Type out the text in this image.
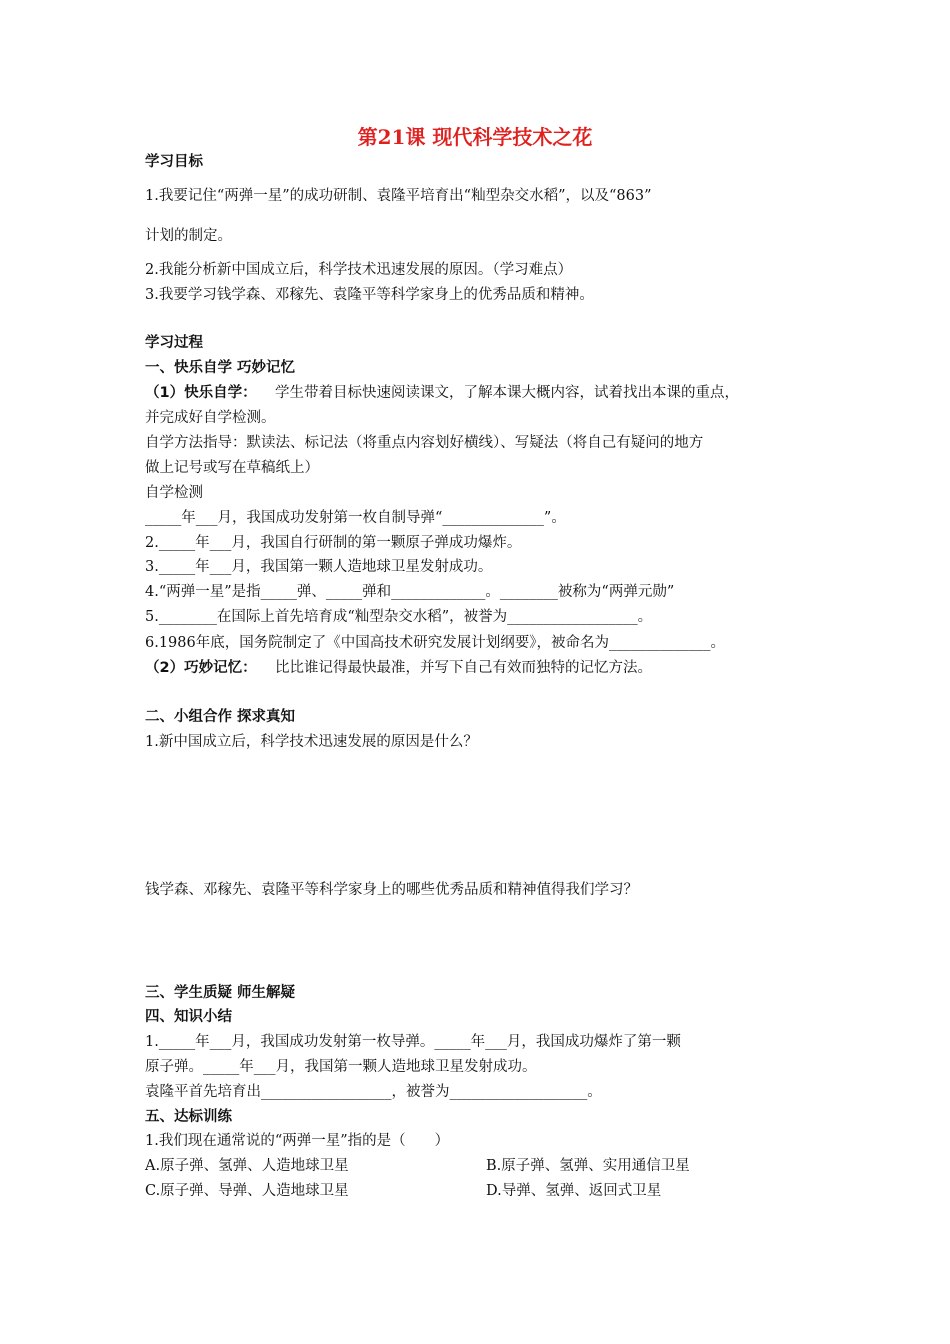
第21课 现代科学技术之花
学习目标
1.我要记住“两弹一星”的成功研制、袁隆平培育出“籼型杂交水稻”，以及“863”
计划的制定。
2.我能分析新中国成立后，科学技术迅速发展的原因。（学习难点）
3.我要学习钱学森、邓稼先、袁隆平等科学家身上的优秀品质和精神。
学习过程
一、快乐自学 巧妙记忆
（1）快乐自学： 学生带着目标快速阅读课文，了解本课大概内容，试着找出本课的重点，
并完成好自学检测。
自学方法指导：默读法、标记法（将重点内容划好横线）、写疑法（将自己有疑问的地方
做上记号或写在草稿纸上）
自学检测
_____年___月，我国成功发射第一枚自制导弹“______________”。
2._____年___月，我国自行研制的第一颗原子弹成功爆炸。
3._____年___月，我国第一颗人造地球卫星发射成功。
4.“两弹一星”是指_____弹、_____弹和_____________。________被称为“两弹元勋”
5.________在国际上首先培育成“籼型杂交水稻”，被誉为__________________。
6.1986年底，国务院制定了《中国高技术研究发展计划纲要》，被命名为______________。
（2）巧妙记忆： 比比谁记得最快最准，并写下自己有效而独特的记忆方法。
二、小组合作 探求真知
1.新中国成立后，科学技术迅速发展的原因是什么？
钱学森、邓稼先、袁隆平等科学家身上的哪些优秀品质和精神值得我们学习？
三、学生质疑 师生解疑
四、知识小结
1._____年___月，我国成功发射第一枚导弹。_____年___月，我国成功爆炸了第一颗
原子弹。_____年___月，我国第一颗人造地球卫星发射成功。
袁隆平首先培育出__________________，被誉为___________________。
五、达标训练
1.我们现在通常说的“两弹一星”指的是（　　）
A.原子弹、氢弹、人造地球卫星	B.原子弹、氢弹、实用通信卫星
C.原子弹、导弹、人造地球卫星	D.导弹、氢弹、返回式卫星
